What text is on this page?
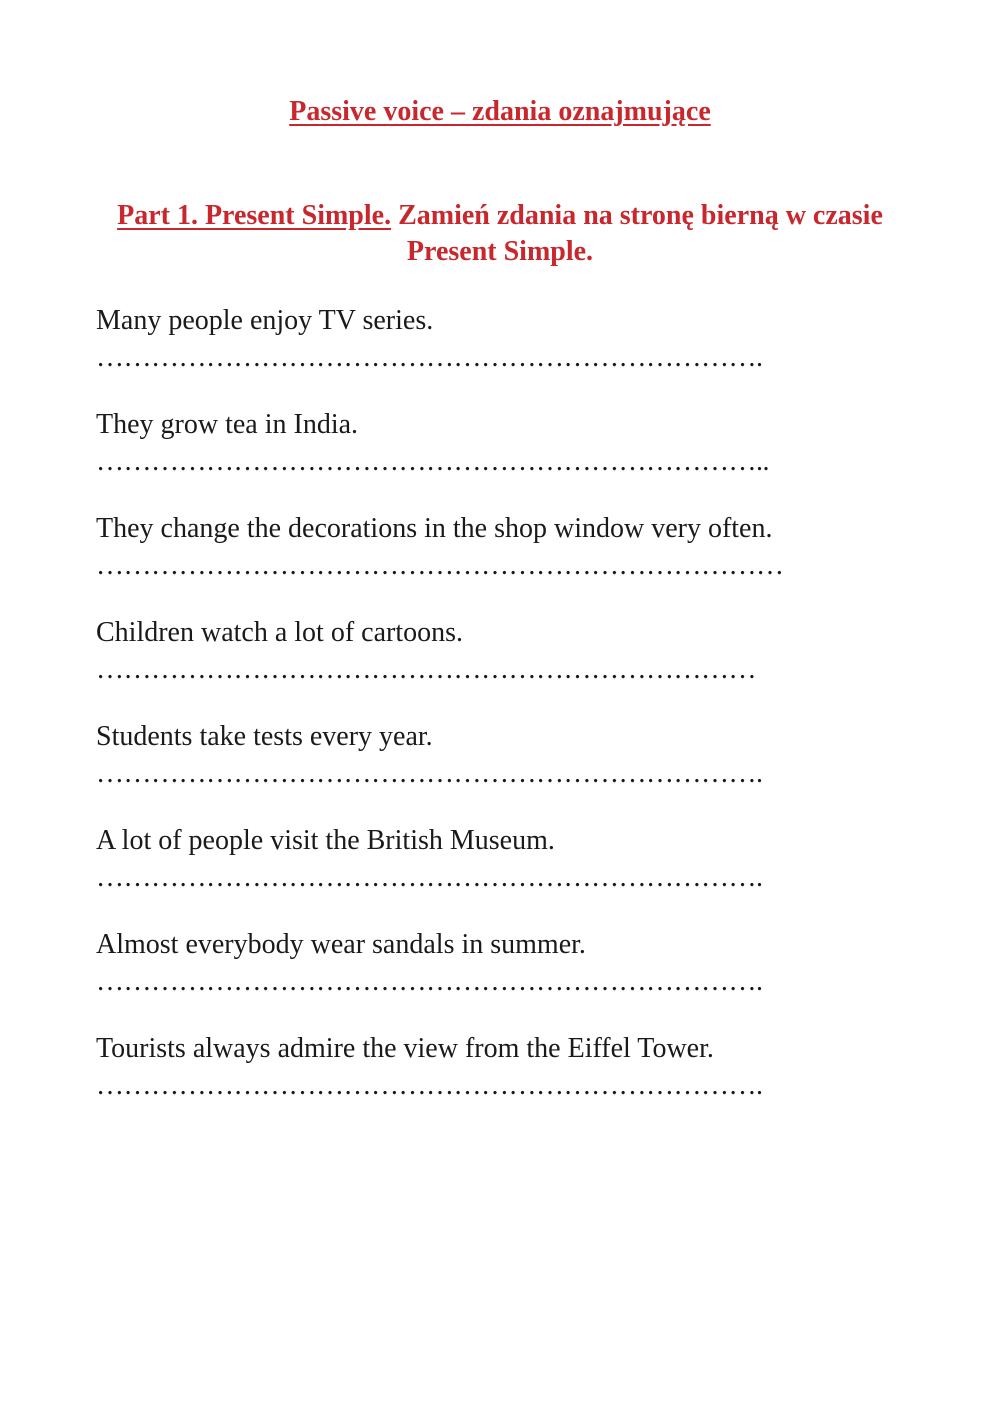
Passive voice – zdania oznajmujące
Part 1. Present Simple. Zamień zdania na stronę bierną w czasie Present Simple.
Many people enjoy TV series.
……………………………………………………………….
They grow tea in India.
………………………………………………………………..
They change the decorations in the shop window very often.
…………………………………………………………………
Children watch a lot of cartoons.
………………………………………………………………
Students take tests every year.
……………………………………………………………….
A lot of people visit the British Museum.
……………………………………………………………….
Almost everybody wear sandals in summer.
……………………………………………………………….
Tourists always admire the view from the Eiffel Tower.
……………………………………………………………….
